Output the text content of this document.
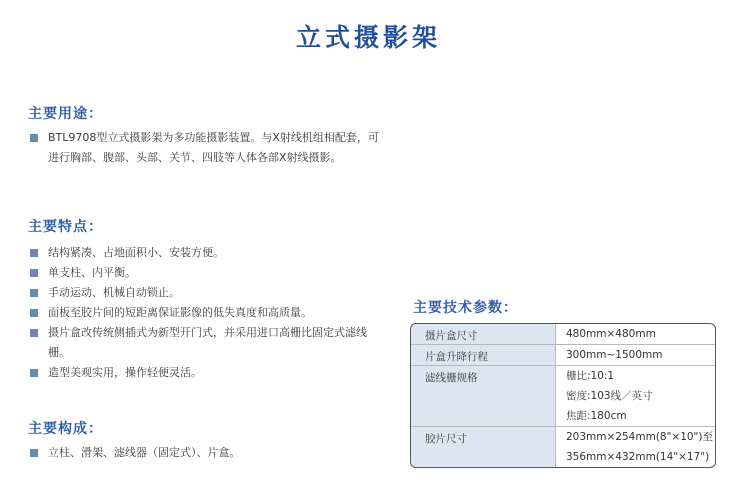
立式摄影架
主要用途：
BTL9708型立式摄影架为多功能摄影装置。与X射线机组相配套，可进行胸部、腹部、头部、关节、四肢等人体各部X射线摄影。
主要特点：
结构紧凑、占地面积小、安装方便。
单支柱、内平衡。
手动运动、机械自动锁止。
面板至胶片间的短距离保证影像的低失真度和高质量。
摄片盒改传统侧插式为新型开门式，并采用进口高栅比固定式滤线栅。
造型美观实用，操作轻便灵活。
主要构成：
立柱、滑架、滤线器（固定式）、片盒。
主要技术参数：
摄片盒尺寸	480mm×480mm
片盒升降行程	300mm~1500mm
滤线栅规格	栅比:10:1
密度:103线／英寸
焦距:180cm
胶片尺寸	203mm×254mm(8"×10")至
356mm×432mm(14"×17")
